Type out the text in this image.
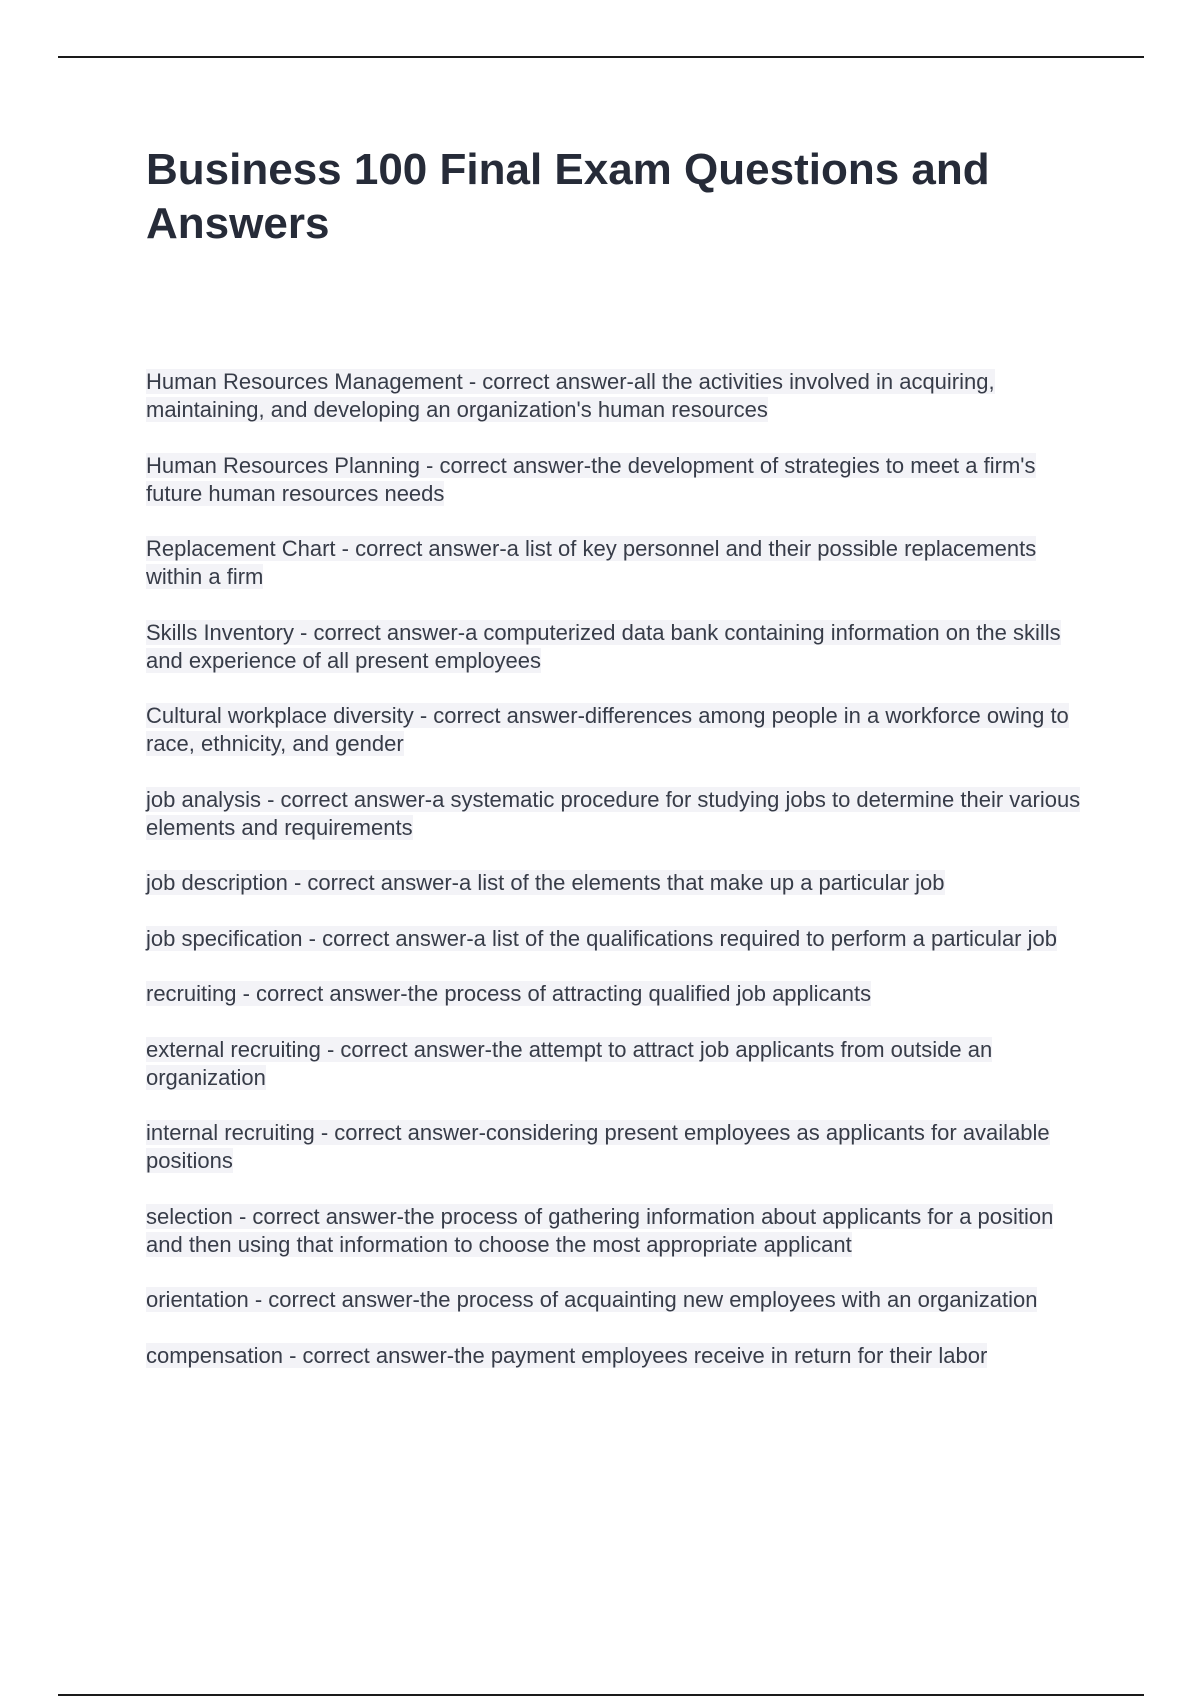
Business 100 Final Exam Questions and Answers
Human Resources Management - correct answer-all the activities involved in acquiring, maintaining, and developing an organization's human resources
Human Resources Planning - correct answer-the development of strategies to meet a firm's future human resources needs
Replacement Chart - correct answer-a list of key personnel and their possible replacements within a firm
Skills Inventory - correct answer-a computerized data bank containing information on the skills and experience of all present employees
Cultural workplace diversity - correct answer-differences among people in a workforce owing to race, ethnicity, and gender
job analysis - correct answer-a systematic procedure for studying jobs to determine their various elements and requirements
job description - correct answer-a list of the elements that make up a particular job
job specification - correct answer-a list of the qualifications required to perform a particular job
recruiting - correct answer-the process of attracting qualified job applicants
external recruiting - correct answer-the attempt to attract job applicants from outside an organization
internal recruiting - correct answer-considering present employees as applicants for available positions
selection - correct answer-the process of gathering information about applicants for a position and then using that information to choose the most appropriate applicant
orientation - correct answer-the process of acquainting new employees with an organization
compensation - correct answer-the payment employees receive in return for their labor
